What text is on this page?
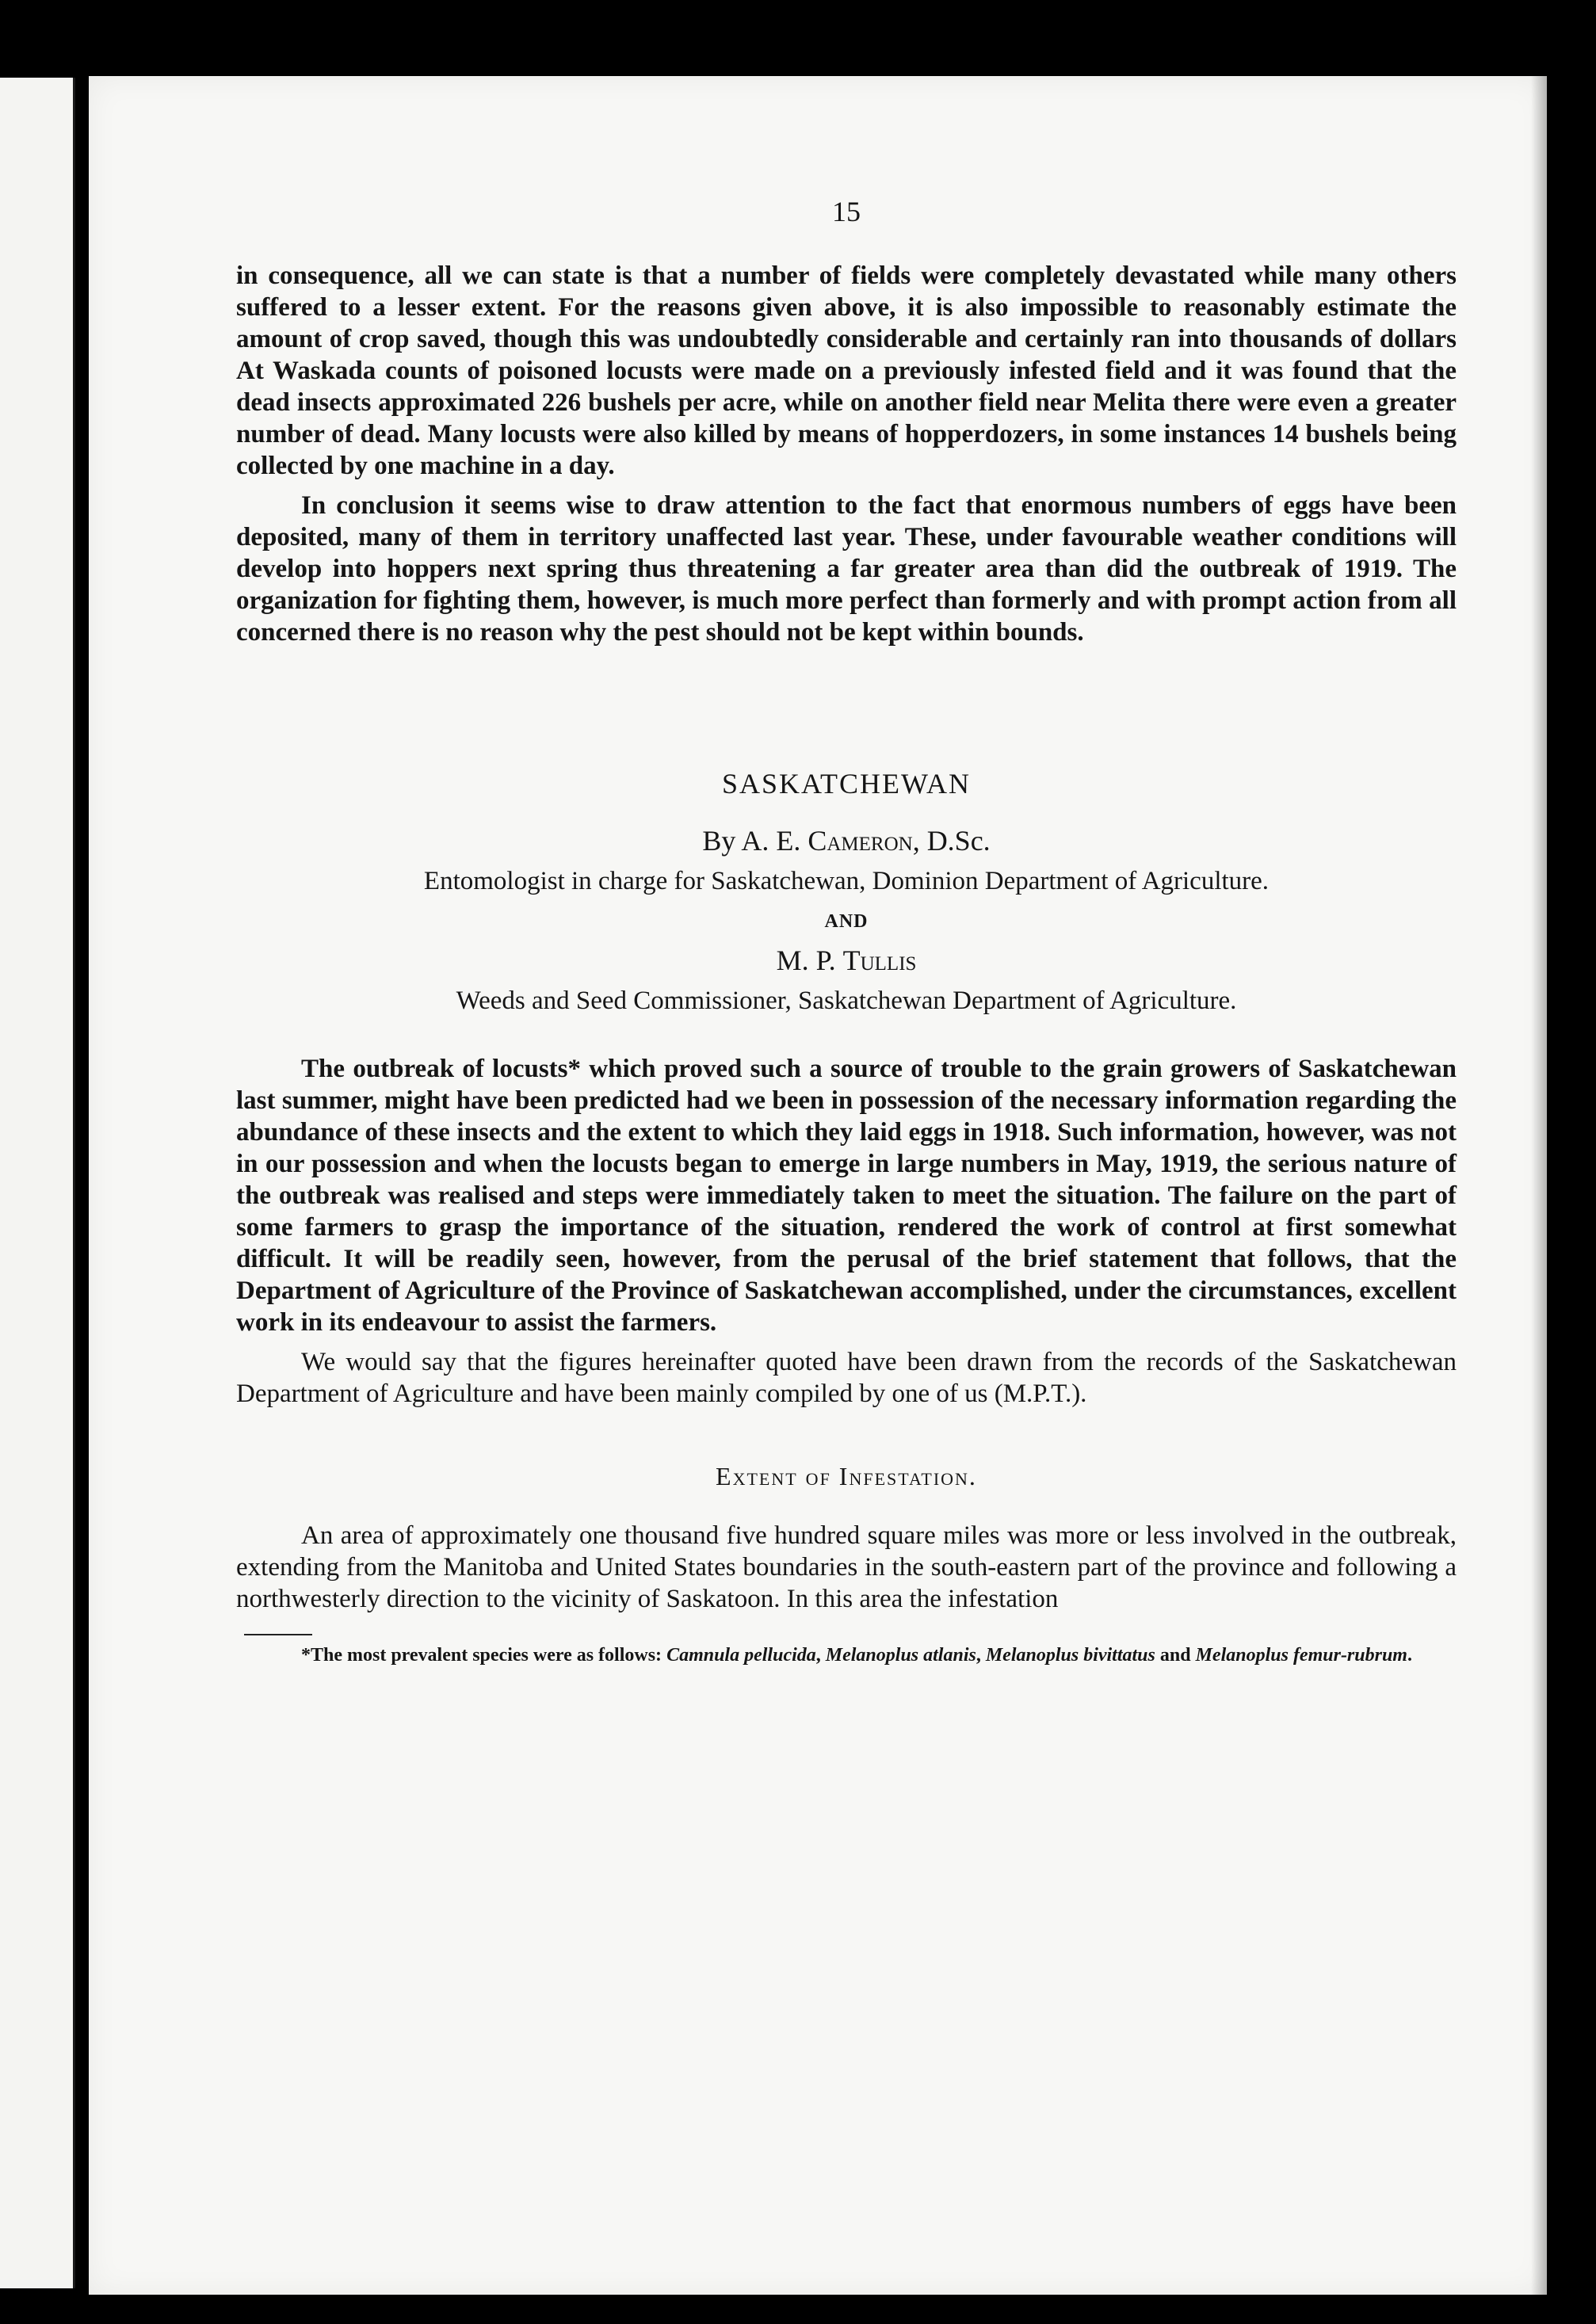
15

in consequence, all we can state is that a number of fields were completely devastated while many others suffered to a lesser extent. For the reasons given above, it is also impossible to reasonably estimate the amount of crop saved, though this was undoubtedly considerable and certainly ran into thousands of dollars At Waskada counts of poisoned locusts were made on a previously infested field and it was found that the dead insects approximated 226 bushels per acre, while on another field near Melita there were even a greater number of dead. Many locusts were also killed by means of hopperdozers, in some instances 14 bushels being collected by one machine in a day.

In conclusion it seems wise to draw attention to the fact that enormous numbers of eggs have been deposited, many of them in territory unaffected last year. These, under favourable weather conditions will develop into hoppers next spring thus threatening a far greater area than did the outbreak of 1919. The organization for fighting them, however, is much more perfect than formerly and with prompt action from all concerned there is no reason why the pest should not be kept within bounds.

SASKATCHEWAN
By A. E. Cameron, D.Sc.
Entomologist in charge for Saskatchewan, Dominion Department of Agriculture.
AND
M. P. Tullis
Weeds and Seed Commissioner, Saskatchewan Department of Agriculture.

The outbreak of locusts* which proved such a source of trouble to the grain growers of Saskatchewan last summer, might have been predicted had we been in possession of the necessary information regarding the abundance of these insects and the extent to which they laid eggs in 1918. Such information, however, was not in our possession and when the locusts began to emerge in large numbers in May, 1919, the serious nature of the outbreak was realised and steps were immediately taken to meet the situation. The failure on the part of some farmers to grasp the importance of the situation, rendered the work of control at first somewhat difficult. It will be readily seen, however, from the perusal of the brief statement that follows, that the Department of Agriculture of the Province of Saskatchewan accomplished, under the circumstances, excellent work in its endeavour to assist the farmers.

We would say that the figures hereinafter quoted have been drawn from the records of the Saskatchewan Department of Agriculture and have been mainly compiled by one of us (M.P.T.).

Extent of Infestation.

An area of approximately one thousand five hundred square miles was more or less involved in the outbreak, extending from the Manitoba and United States boundaries in the south-eastern part of the province and following a northwesterly direction to the vicinity of Saskatoon. In this area the infestation

*The most prevalent species were as follows: Camnula pellucida, Melanoplus atlanis, Melanoplus bivittatus and Melanoplus femur-rubrum.
